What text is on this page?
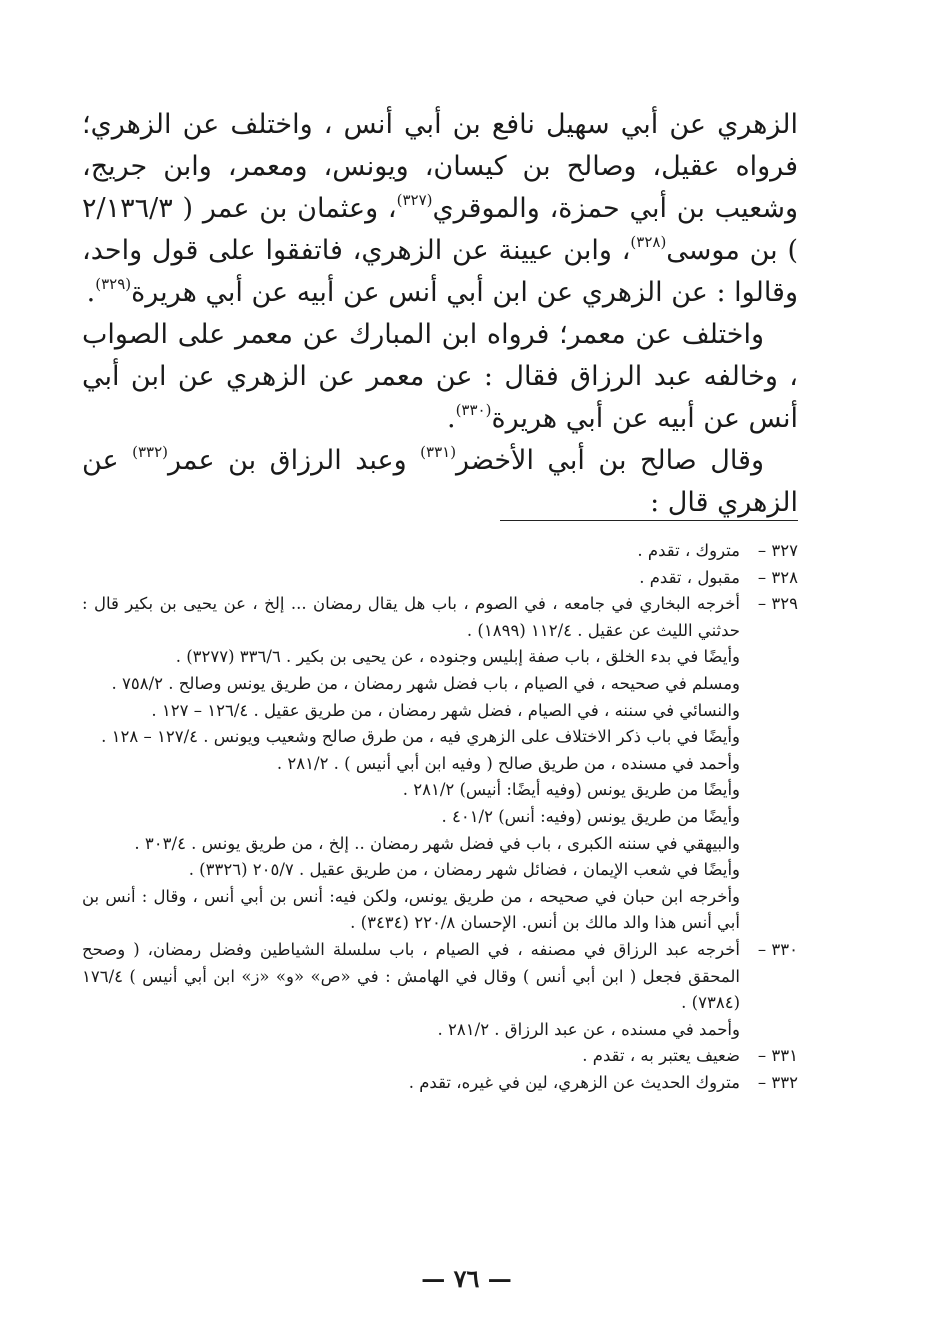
الزهري عن أبي سهيل نافع بن أبي أنس ، واختلف عن الزهري؛ فرواه عقيل، وصالح بن كيسان، ويونس، ومعمر، وابن جريج، وشعيب بن أبي حمزة، والموقري$^{(٣٢٧)}$، وعثمان بن عمر ( ٢/١٣٦/٣ ) بن موسى$^{(٣٢٨)}$، وابن عيينة عن الزهري، فاتفقوا على قول واحد، وقالوا : عن الزهري عن ابن أبي أنس عن أبيه عن أبي هريرة$^{(٣٢٩)}$.

واختلف عن معمر؛ فرواه ابن المبارك عن معمر على الصواب ، وخالفه عبد الرزاق فقال : عن معمر عن الزهري عن ابن أبي أنس عن أبيه عن أبي هريرة$^{(٣٣٠)}$.

وقال صالح بن أبي الأخضر$^{(٣٣١)}$ وعبد الرزاق بن عمر$^{(٣٣٢)}$ عن الزهري قال :

٣٢٧ –
متروك ، تقدم .
٣٢٨ –
مقبول ، تقدم .
٣٢٩ –
أخرجه البخاري في جامعه ، في الصوم ، باب هل يقال رمضان ... إلخ ، عن يحيى بن بكير قال : حدثني الليث عن عقيل . ١١٢/٤ (١٨٩٩) .
وأيضًا في بدء الخلق ، باب صفة إبليس وجنوده ، عن يحيى بن بكير . ٣٣٦/٦ (٣٢٧٧) .
ومسلم في صحيحه ، في الصيام ، باب فضل شهر رمضان ، من طريق يونس وصالح . ٧٥٨/٢ .
والنسائي في سننه ، في الصيام ، فضل شهر رمضان ، من طريق عقيل . ١٢٦/٤ – ١٢٧ .
وأيضًا في باب ذكر الاختلاف على الزهري فيه ، من طرق صالح وشعيب ويونس . ١٢٧/٤ – ١٢٨ .
وأحمد في مسنده ، من طريق صالح ( وفيه ابن أبي أنيس ) . ٢٨١/٢ .
وأيضًا من طريق يونس (وفيه أيضًا: أنيس) ٢٨١/٢ .
وأيضًا من طريق يونس (وفيه: أنس) ٤٠١/٢ .
والبيهقي في سننه الكبرى ، باب في فضل شهر رمضان .. إلخ ، من طريق يونس . ٣٠٣/٤ .
وأيضًا في شعب الإيمان ، فضائل شهر رمضان ، من طريق عقيل . ٢٠٥/٧ (٣٣٢٦) .
وأخرجه ابن حبان في صحيحه ، من طريق يونس، ولكن فيه: أنس بن أبي أنس ، وقال : أنس بن أبي أنس هذا والد مالك بن أنس. الإحسان ٢٢٠/٨ (٣٤٣٤) .
٣٣٠ –
أخرجه عبد الرزاق في مصنفه ، في الصيام ، باب سلسلة الشياطين وفضل رمضان، ( وصحح المحقق فجعل ( ابن أبي أنس ) وقال في الهامش : في «ص» «و» «ز» ابن أبي أنيس ) ١٧٦/٤ (٧٣٨٤) .
وأحمد في مسنده ، عن عبد الرزاق . ٢٨١/٢ .
٣٣١ –
ضعيف يعتبر به ، تقدم .
٣٣٢ –
متروك الحديث عن الزهري، لين في غيره، تقدم .
— ٧٦ —
